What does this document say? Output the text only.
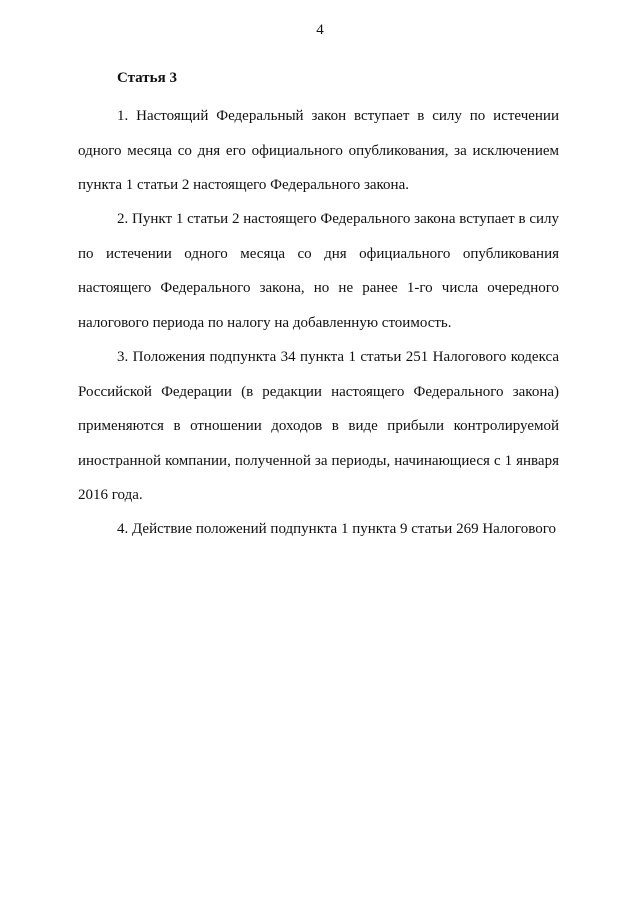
4
Статья 3

1. Настоящий Федеральный закон вступает в силу по истечении одного месяца со дня его официального опубликования, за исключением пункта 1 статьи 2 настоящего Федерального закона.

2. Пункт 1 статьи 2 настоящего Федерального закона вступает в силу по истечении одного месяца со дня официального опубликования настоящего Федерального закона, но не ранее 1-го числа очередного налогового периода по налогу на добавленную стоимость.

3. Положения подпункта 34 пункта 1 статьи 251 Налогового кодекса Российской Федерации (в редакции настоящего Федерального закона) применяются в отношении доходов в виде прибыли контролируемой иностранной компании, полученной за периоды, начинающиеся с 1 января 2016 года.

4. Действие положений подпункта 1 пункта 9 статьи 269 Налогового
